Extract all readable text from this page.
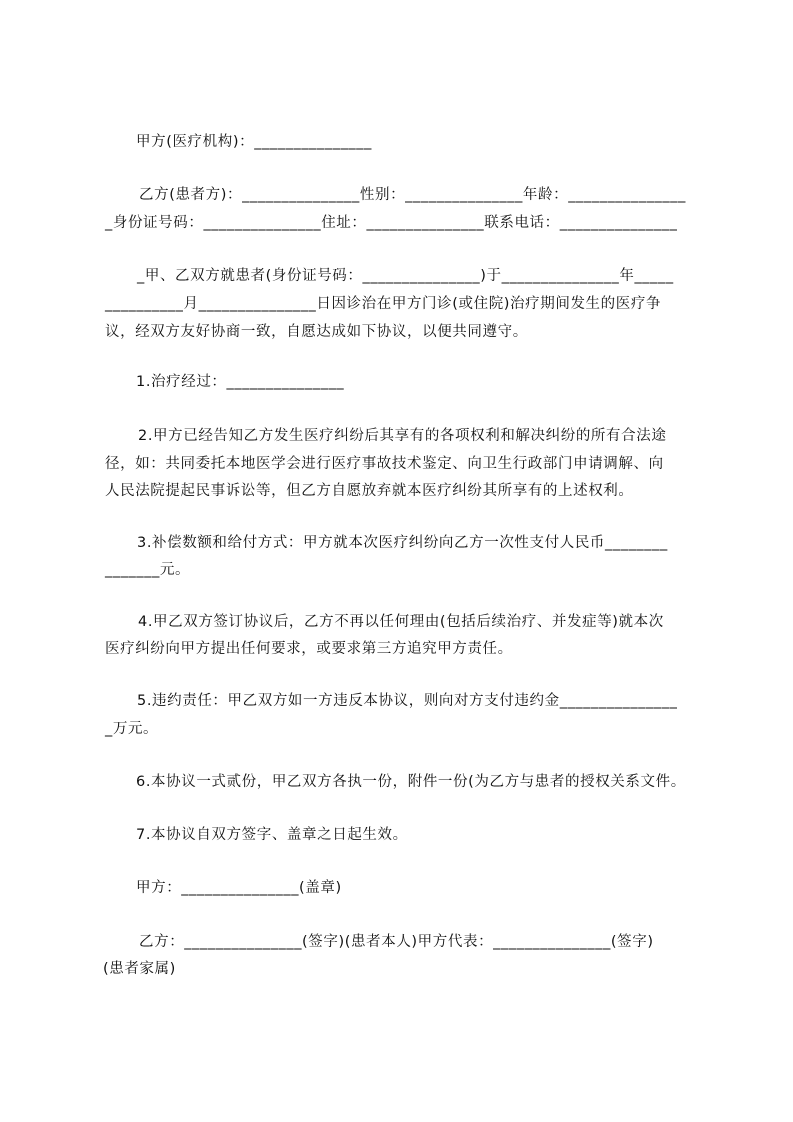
甲方(医疗机构)：_______________
乙方(患者方)：_______________性别：_______________年龄：_______________
_身份证号码：_______________住址：_______________联系电话：_______________
_甲、乙双方就患者(身份证号码：_______________)于_______________年_____
__________月_______________日因诊治在甲方门诊(或住院)治疗期间发生的医疗争
议，经双方友好协商一致，自愿达成如下协议，以便共同遵守。
1.治疗经过：_______________
2.甲方已经告知乙方发生医疗纠纷后其享有的各项权利和解决纠纷的所有合法途
径，如：共同委托本地医学会进行医疗事故技术鉴定、向卫生行政部门申请调解、向
人民法院提起民事诉讼等，但乙方自愿放弃就本医疗纠纷其所享有的上述权利。
3.补偿数额和给付方式：甲方就本次医疗纠纷向乙方一次性支付人民币________
_______元。
4.甲乙双方签订协议后，乙方不再以任何理由(包括后续治疗、并发症等)就本次
医疗纠纷向甲方提出任何要求，或要求第三方追究甲方责任。
5.违约责任：甲乙双方如一方违反本协议，则向对方支付违约金_______________
_万元。
6.本协议一式贰份，甲乙双方各执一份，附件一份(为乙方与患者的授权关系文件。
7.本协议自双方签字、盖章之日起生效。
甲方：_______________(盖章)
乙方：_______________(签字)(患者本人)甲方代表：_______________(签字)
(患者家属)
